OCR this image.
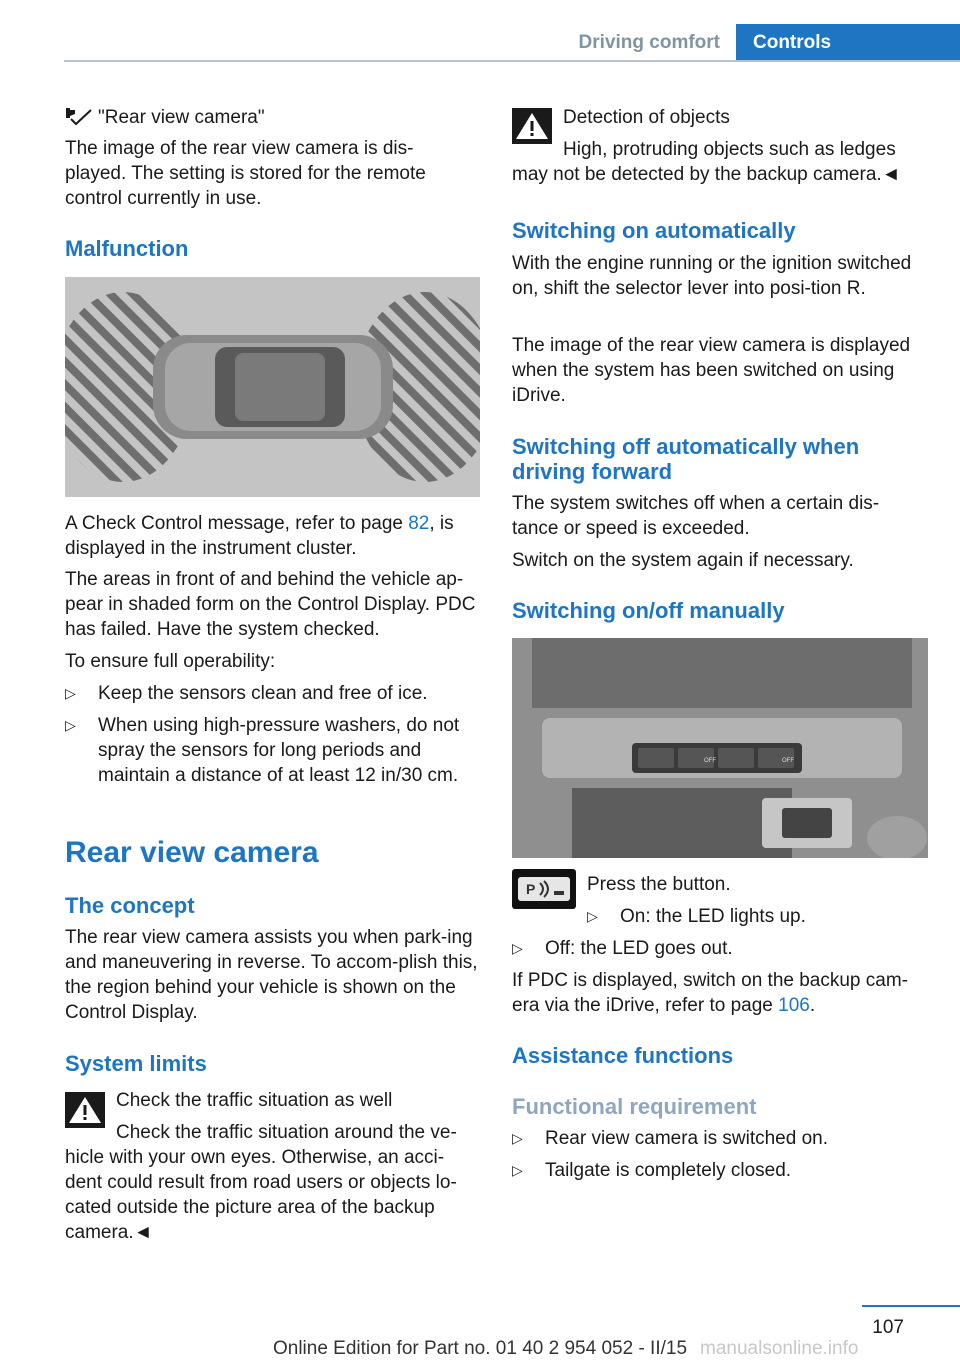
Driving comfort	Controls

"Rear view camera"

The image of the rear view camera is dis-played. The setting is stored for the remote control currently in use.

Malfunction

A Check Control message, refer to page 82, is displayed in the instrument cluster.

The areas in front of and behind the vehicle ap-pear in shaded form on the Control Display. PDC has failed. Have the system checked.

To ensure full operability:

▷ Keep the sensors clean and free of ice.
▷ When using high-pressure washers, do not spray the sensors for long periods and maintain a distance of at least 12 in/30 cm.
Rear view camera
The concept

The rear view camera assists you when park-ing and maneuvering in reverse. To accom-plish this, the region behind your vehicle is shown on the Control Display.

System limits

Check the traffic situation as well

Check the traffic situation around the ve-

hicle with your own eyes. Otherwise, an acci-dent could result from road users or objects lo-cated outside the picture area of the backup camera.◄

Detection of objects

High, protruding objects such as ledges

may not be detected by the backup camera.◄

Switching on automatically

With the engine running or the ignition switched on, shift the selector lever into posi-tion R.

The image of the rear view camera is displayed when the system has been switched on using iDrive.

Switching off automatically when driving forward

The system switches off when a certain dis-tance or speed is exceeded.

Switch on the system again if necessary.

Switching on/off manually
OFF	OFF
P	Press the button.

▷ On: the LED lights up.
▷ Off: the LED goes out.

If PDC is displayed, switch on the backup cam-era via the iDrive, refer to page 106.

Assistance functions
Functional requirement
▷ Rear view camera is switched on.
▷ Tailgate is completely closed.
107
manualsonline.info
Online Edition for Part no. 01 40 2 954 052 - II/15
